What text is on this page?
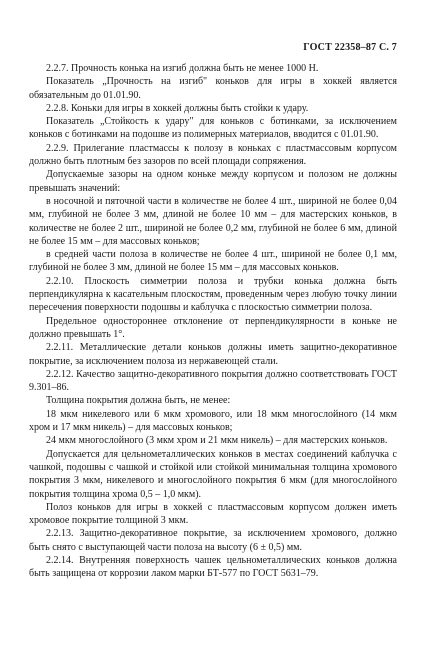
ГОСТ 22358–87 С. 7

2.2.7. Прочность конька на изгиб должна быть не менее 1000 Н.

Показатель „Прочность на изгиб" коньков для игры в хоккей является обязательным до 01.01.90.

2.2.8. Коньки для игры в хоккей должны быть стойки к удару.

Показатель „Стойкость к удару" для коньков с ботинками, за исключением коньков с ботинками на подошве из полимерных материалов, вводится с 01.01.90.

2.2.9. Прилегание пластмассы к полозу в коньках с пластмассовым корпусом должно быть плотным без зазоров по всей площади сопряжения.

Допускаемые зазоры на одном коньке между корпусом и полозом не должны превышать значений:

в носочной и пяточной части в количестве не более 4 шт., шириной не более 0,04 мм, глубиной не более 3 мм, длиной не более 10 мм – для мастерских коньков, в количестве не более 2 шт., шириной не более 0,2 мм, глубиной не более 6 мм, длиной не более 15 мм – для массовых коньков;

в средней части полоза в количестве не более 4 шт., шириной не более 0,1 мм, глубиной не более 3 мм, длиной не более 15 мм – для массовых коньков.

2.2.10. Плоскость симметрии полоза и трубки конька должна быть перпендикулярна к касательным плоскостям, проведенным через любую точку линии пересечения поверхности подошвы и каблучка с плоскостью симметрии полоза.

Предельное одностороннее отклонение от перпендикулярности в коньке не должно превышать 1°.

2.2.11. Металлические детали коньков должны иметь защитно-декоративное покрытие, за исключением полоза из нержавеющей стали.

2.2.12. Качество защитно-декоративного покрытия должно соответствовать ГОСТ 9.301–86.

Толщина покрытия должна быть, не менее:

18 мкм никелевого или 6 мкм хромового, или 18 мкм многослойного (14 мкм хром и 17 мкм никель) – для массовых коньков;

24 мкм многослойного (3 мкм хром и 21 мкм никель) – для мастерских коньков.

Допускается для цельнометаллических коньков в местах соединений каблучка с чашкой, подошвы с чашкой и стойкой или стойкой минимальная толщина хромового покрытия 3 мкм, никелевого и многослойного покрытия 6 мкм (для многослойного покрытия толщина хрома 0,5 – 1,0 мкм).

Полоз коньков для игры в хоккей с пластмассовым корпусом должен иметь хромовое покрытие толщиной 3 мкм.

2.2.13. Защитно-декоративное покрытие, за исключением хромового, должно быть снято с выступающей части полоза на высоту (6 ± 0,5) мм.

2.2.14. Внутренняя поверхность чашек цельнометаллических коньков должна быть защищена от коррозии лаком марки БТ-577 по ГОСТ 5631–79.
